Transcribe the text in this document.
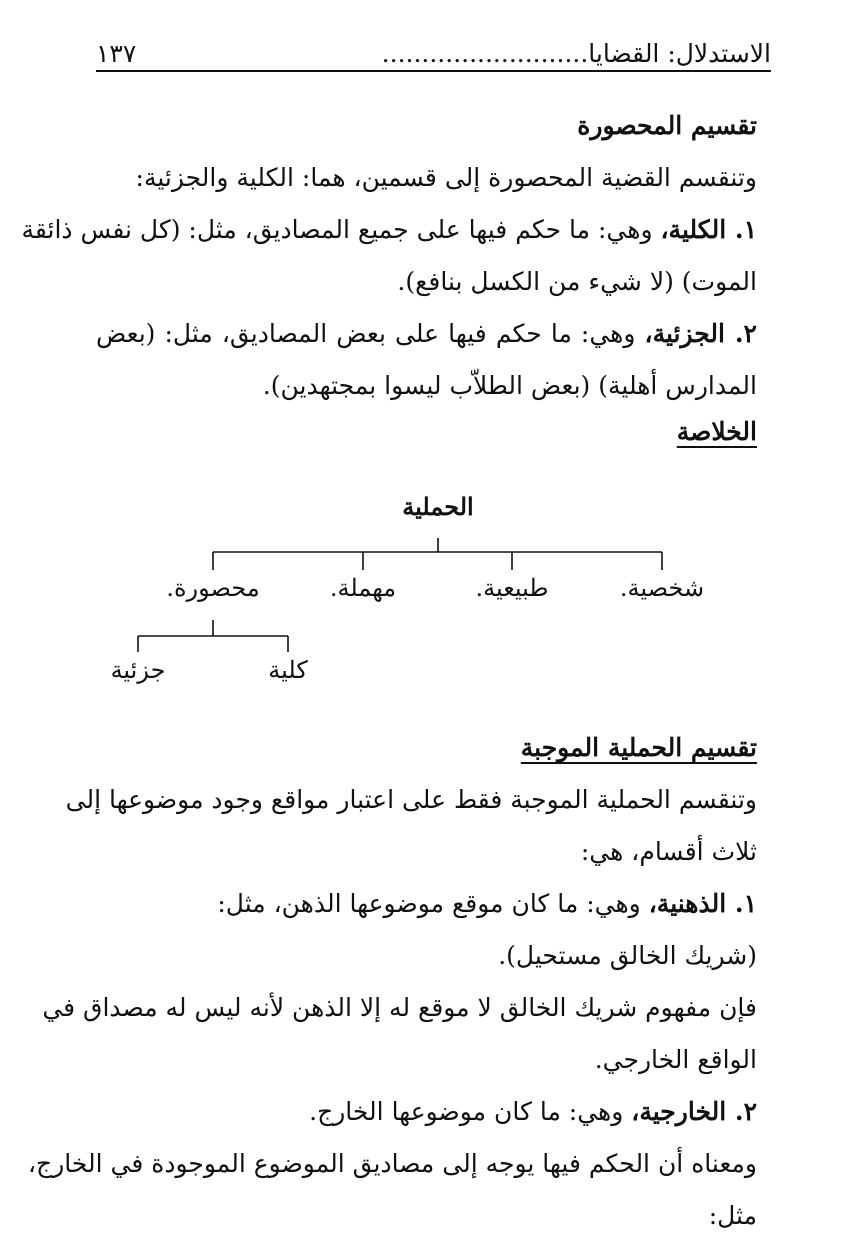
الاستدلال: القضايا..........................
١٣٧
تقسيم المحصورة
وتنقسم القضية المحصورة إلى قسمين، هما: الكلية والجزئية:
١. الكلية، وهي: ما حكم فيها على جميع المصاديق، مثل: (كل نفس ذائقة
الموت) (لا شيء من الكسل بنافع).
٢. الجزئية، وهي: ما حكم فيها على بعض المصاديق، مثل: (بعض
المدارس أهلية) (بعض الطلاّب ليسوا بمجتهدين).
الخلاصة
الحملية
شخصية.
طبيعية.
مهملة.
محصورة.
كلية
جزئية
تقسيم الحملية الموجبة
وتنقسم الحملية الموجبة فقط على اعتبار مواقع وجود موضوعها إلى
ثلاث أقسام، هي:
١. الذهنية، وهي: ما كان موقع موضوعها الذهن، مثل:
(شريك الخالق مستحيل).
فإن مفهوم شريك الخالق لا موقع له إلا الذهن لأنه ليس له مصداق في
الواقع الخارجي.
٢. الخارجية، وهي: ما كان موضوعها الخارج.
ومعناه أن الحكم فيها يوجه إلى مصاديق الموضوع الموجودة في الخارج،
مثل:
